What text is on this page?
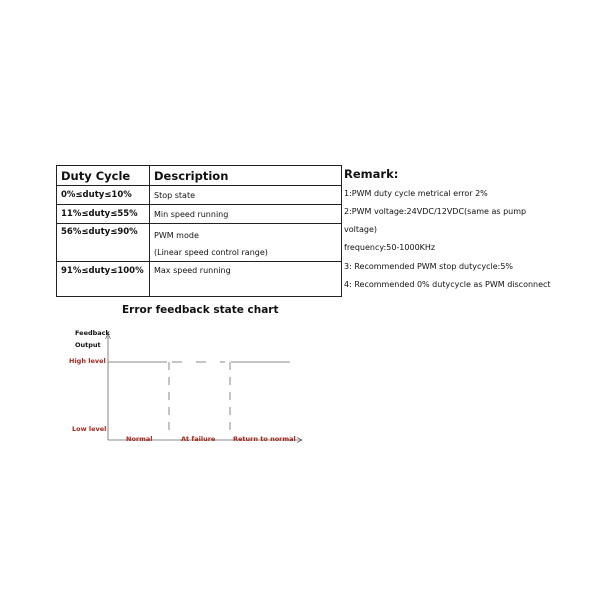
Duty Cycle	Description
0%≤duty≤10%	Stop state
11%≤duty≤55%	Min speed running
56%≤duty≤90%	PWM mode
(Linear speed control range)

91%≤duty≤100%	Max speed running
Remark:
1:PWM duty cycle metrical error 2%
2:PWM voltage:24VDC/12VDC(same as pump
voltage)
frequency:50-1000KHz
3: Recommended PWM stop dutycycle:5%
4: Recommended 0% dutycycle as PWM disconnect
Error feedback state chart
Feedback
Output
High level
Low level
Normal	At failure	Return to normal
